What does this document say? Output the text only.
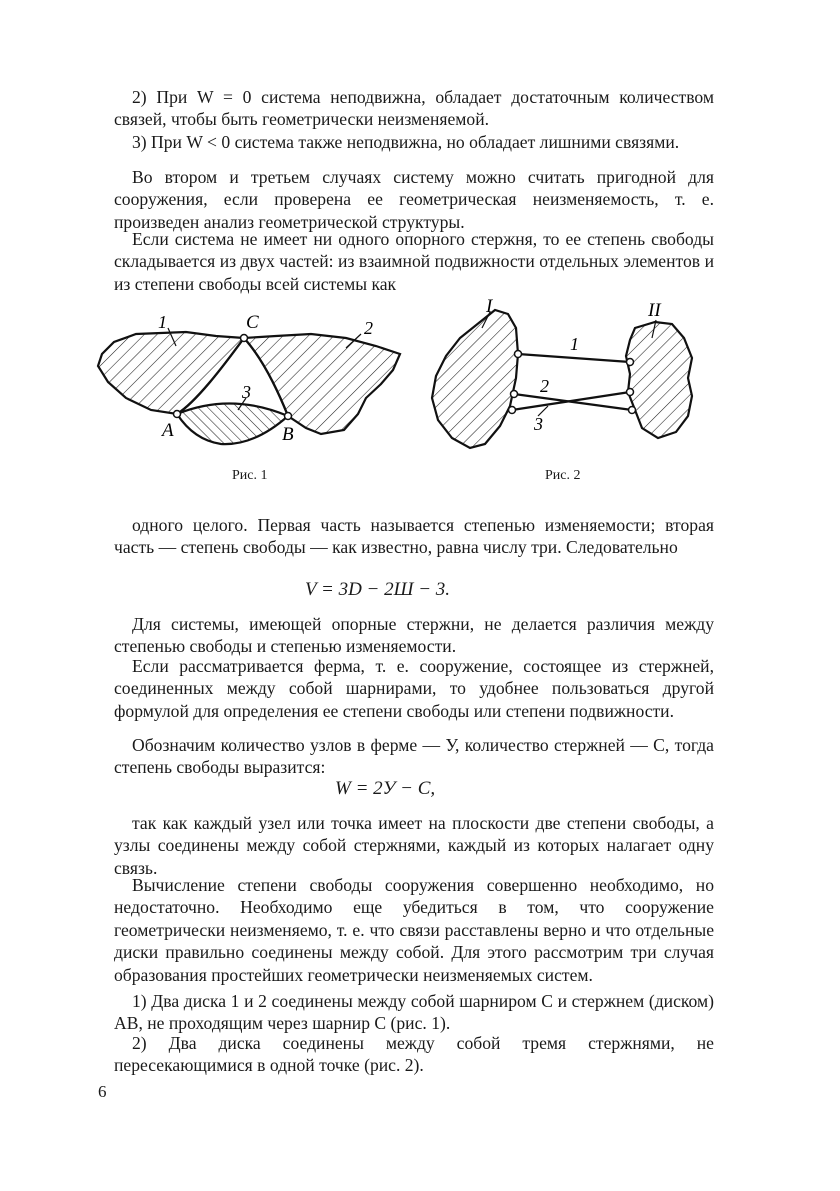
2) При W = 0 система неподвижна, обладает достаточным количеством связей, чтобы быть геометрически неизменяемой.
3) При W < 0 система также неподвижна, но обладает лишними связями.
Во втором и третьем случаях систему можно считать пригодной для сооружения, если проверена ее геометрическая неизменяемость, т. е. произведен анализ геометрической структуры.
Если система не имеет ни одного опорного стержня, то ее степень свободы складывается из двух частей: из взаимной подвижности отдельных элементов и из степени свободы всей системы как
1	C	2
3
A	B
Рис. 1
I	II
1
2
3
Рис. 2
одного целого. Первая часть называется степенью изменяемости; вторая часть — степень свободы — как известно, равна числу три. Следовательно
V = 3D − 2Ш − 3.
Для системы, имеющей опорные стержни, не делается различия между степенью свободы и степенью изменяемости.
Если рассматривается ферма, т. е. сооружение, состоящее из стержней, соединенных между собой шарнирами, то удобнее пользоваться другой формулой для определения ее степени свободы или степени подвижности.
Обозначим количество узлов в ферме — У, количество стержней — С, тогда степень свободы выразится:
W = 2У − С,
так как каждый узел или точка имеет на плоскости две степени свободы, а узлы соединены между собой стержнями, каждый из которых налагает одну связь.
Вычисление степени свободы сооружения совершенно необходимо, но недостаточно. Необходимо еще убедиться в том, что сооружение геометрически неизменяемо, т. е. что связи расставлены верно и что отдельные диски правильно соединены между собой. Для этого рассмотрим три случая образования простейших геометрически неизменяемых систем.
1) Два диска 1 и 2 соединены между собой шарниром C и стержнем (диском) AB, не проходящим через шарнир C (рис. 1).
2) Два диска соединены между собой тремя стержнями, не пересекающимися в одной точке (рис. 2).
6
